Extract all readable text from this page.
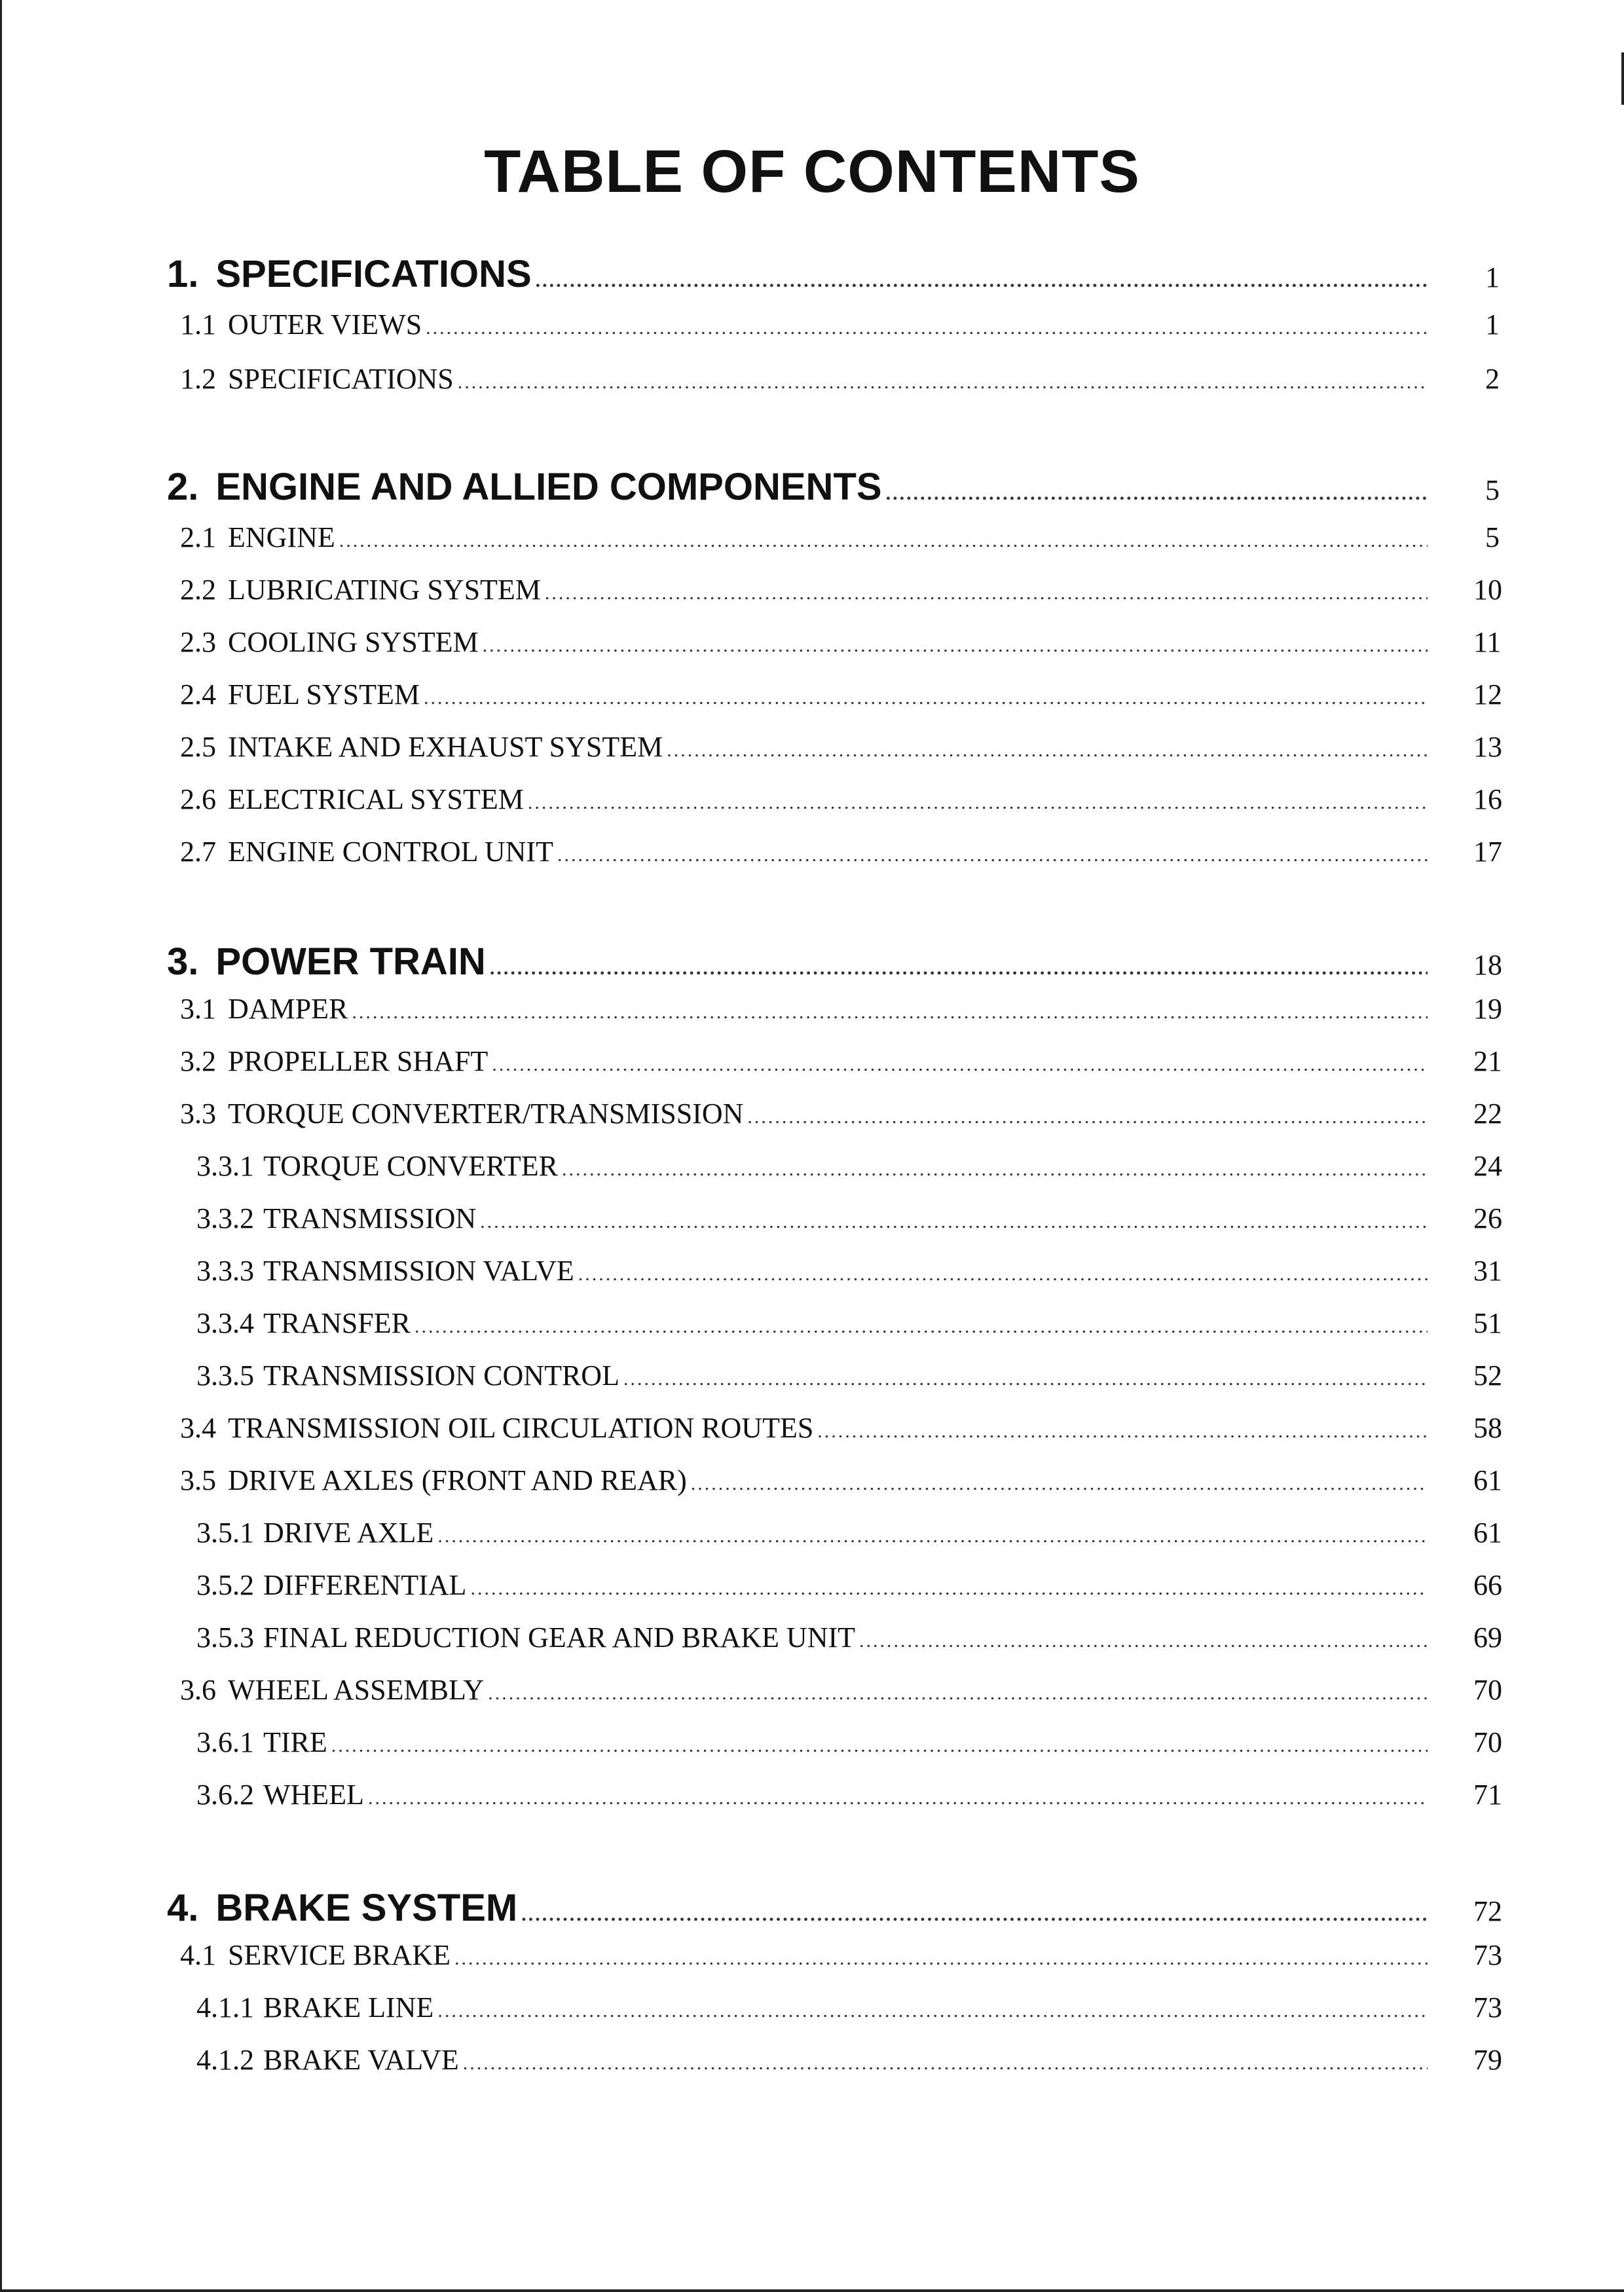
TABLE OF CONTENTS
1. SPECIFICATIONS .....	1
1.1 OUTER VIEWS .....	1
1.2 SPECIFICATIONS .....	2
2. ENGINE AND ALLIED COMPONENTS .....	5
2.1 ENGINE .....	5
2.2 LUBRICATING SYSTEM .....	10
2.3 COOLING SYSTEM .....	11
2.4 FUEL SYSTEM .....	12
2.5 INTAKE AND EXHAUST SYSTEM .....	13
2.6 ELECTRICAL SYSTEM .....	16
2.7 ENGINE CONTROL UNIT .....	17
3. POWER TRAIN .....	18
3.1 DAMPER .....	19
3.2 PROPELLER SHAFT .....	21
3.3 TORQUE CONVERTER/TRANSMISSION .....	22
3.3.1 TORQUE CONVERTER .....	24
3.3.2 TRANSMISSION .....	26
3.3.3 TRANSMISSION VALVE .....	31
3.3.4 TRANSFER .....	51
3.3.5 TRANSMISSION CONTROL .....	52
3.4 TRANSMISSION OIL CIRCULATION ROUTES .....	58
3.5 DRIVE AXLES (FRONT AND REAR) .....	61
3.5.1 DRIVE AXLE .....	61
3.5.2 DIFFERENTIAL .....	66
3.5.3 FINAL REDUCTION GEAR AND BRAKE UNIT .....	69
3.6 WHEEL ASSEMBLY .....	70
3.6.1 TIRE .....	70
3.6.2 WHEEL .....	71
4. BRAKE SYSTEM .....	72
4.1 SERVICE BRAKE .....	73
4.1.1 BRAKE LINE .....	73
4.1.2 BRAKE VALVE .....	79
